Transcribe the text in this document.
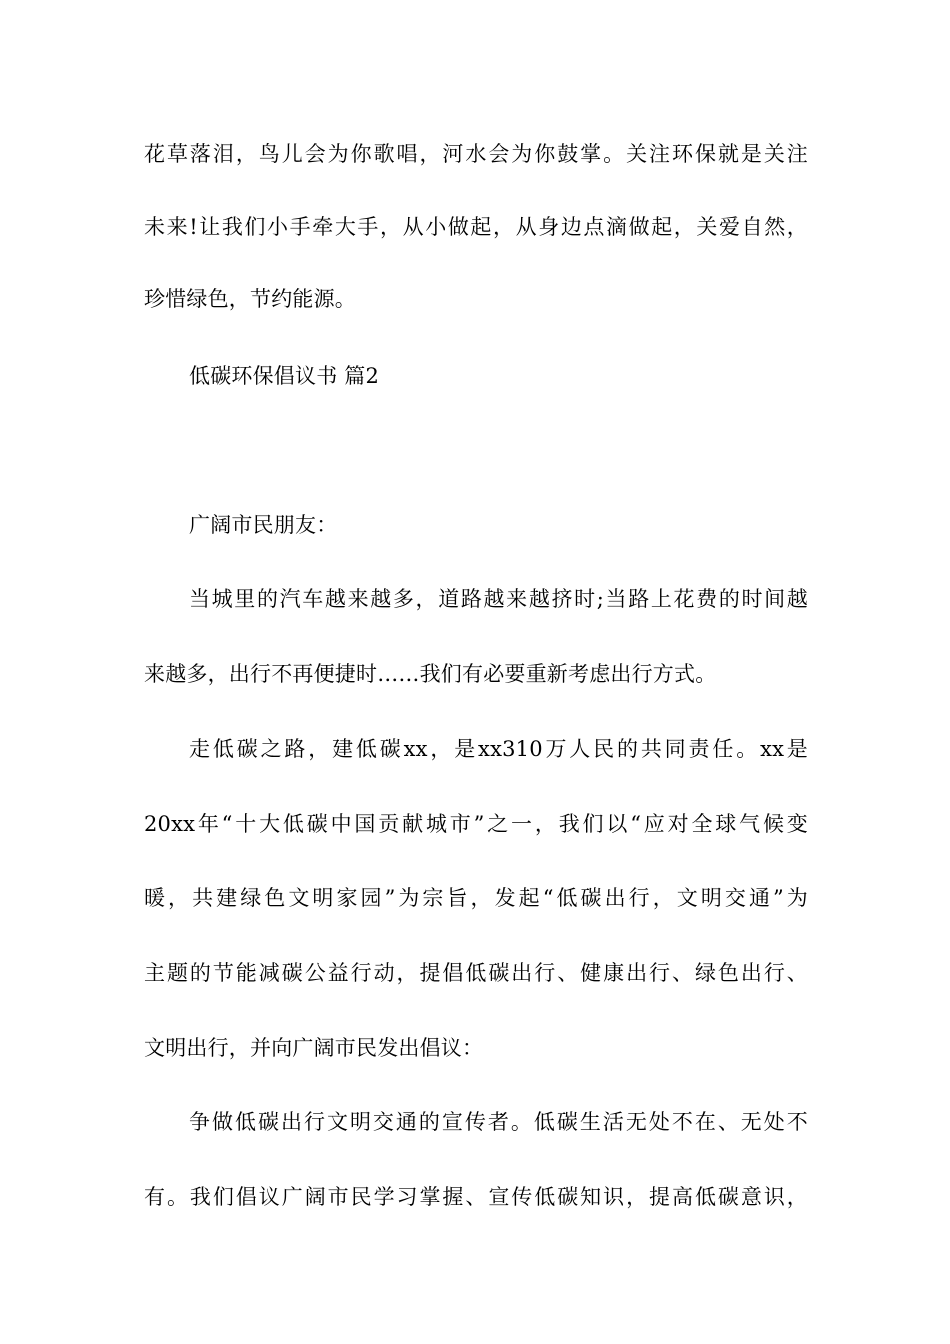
花草落泪，鸟儿会为你歌唱，河水会为你鼓掌。关注环保就是关注
未来!让我们小手牵大手，从小做起，从身边点滴做起，关爱自然，
珍惜绿色，节约能源。
低碳环保倡议书 篇2
广阔市民朋友：
当城里的汽车越来越多，道路越来越挤时;当路上花费的时间越
来越多，出行不再便捷时……我们有必要重新考虑出行方式。
走低碳之路，建低碳xx，是xx310万人民的共同责任。xx是
20xx年“十大低碳中国贡献城市”之一，我们以“应对全球气候变
暖，共建绿色文明家园”为宗旨，发起“低碳出行，文明交通”为
主题的节能减碳公益行动，提倡低碳出行、健康出行、绿色出行、
文明出行，并向广阔市民发出倡议：
争做低碳出行文明交通的宣传者。低碳生活无处不在、无处不
有。我们倡议广阔市民学习掌握、宣传低碳知识，提高低碳意识，
